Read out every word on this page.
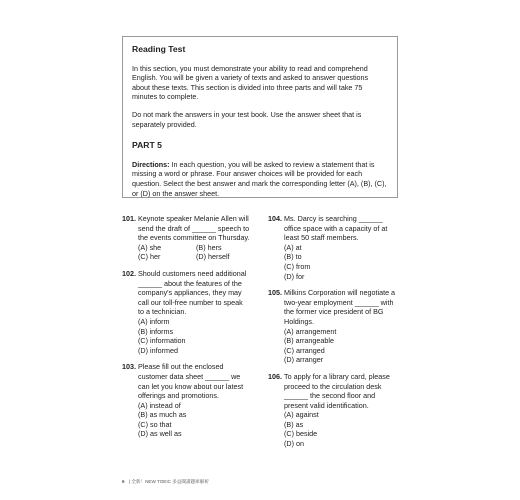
Reading Test

In this section, you must demonstrate your ability to read and comprehend English. You will be given a variety of texts and asked to answer questions about these texts. This section is divided into three parts and will take 75 minutes to complete.

Do not mark the answers in your test book. Use the answer sheet that is separately provided.

PART 5

Directions: In each question, you will be asked to review a statement that is missing a word or phrase. Four answer choices will be provided for each question. Select the best answer and mark the corresponding letter (A), (B), (C), or (D) on the answer sheet.

101. Keynote speaker Melanie Allen will send the draft of ______ speech to the events committee on Thursday.
(A) she	(B) hers
(C) her	(D) herself
102. Should customers need additional ______ about the features of the company's appliances, they may call our toll-free number to speak to a technician.
(A) inform
(B) informs
(C) information
(D) informed
103. Please fill out the enclosed customer data sheet ______ we can let you know about our latest offerings and promotions.
(A) instead of
(B) as much as
(C) so that
(D) as well as
104. Ms. Darcy is searching ______ office space with a capacity of at least 50 staff members.
(A) at
(B) to
(C) from
(D) for
105. Milkins Corporation will negotiate a two-year employment ______ with the former vice president of BG Holdings.
(A) arrangement
(B) arrangeable
(C) arranged
(D) arranger
106. To apply for a library card, please proceed to the circulation desk ______ the second floor and present valid identification.
(A) against
(B) as
(C) beside
(D) on
6 | 全新！NEW TOEIC 多益閱讀題庫解析
